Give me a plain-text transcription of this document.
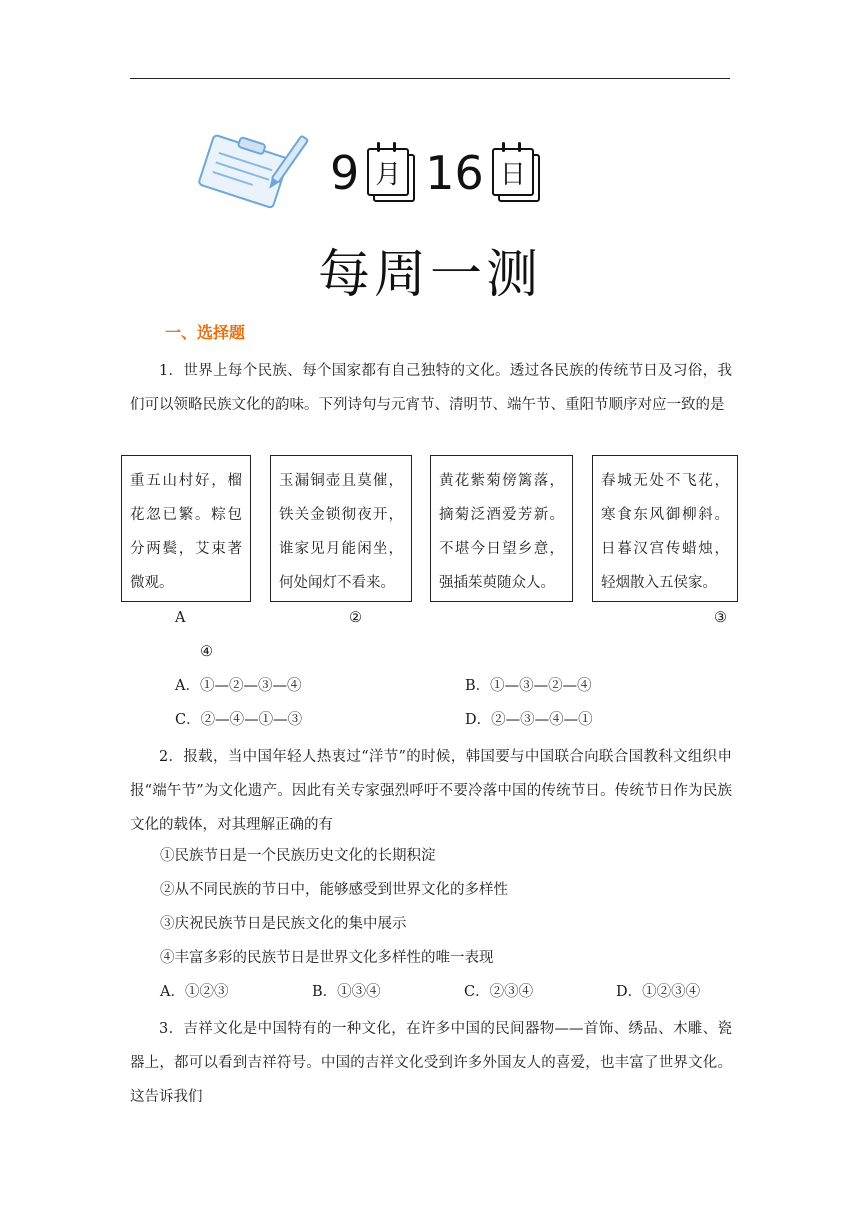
9 月 16 日
每周一测
一、选择题
1．世界上每个民族、每个国家都有自己独特的文化。透过各民族的传统节日及习俗，我们可以领略民族文化的韵味。下列诗句与元宵节、清明节、端午节、重阳节顺序对应一致的是
重五山村好，榴花忽已繁。粽包分两鬓，艾束著微观。
玉漏铜壶且莫催，铁关金锁彻夜开，谁家见月能闲坐，何处闻灯不看来。
黄花紫菊傍篱落，摘菊泛酒爱芳新。不堪今日望乡意，强插茱萸随众人。
春城无处不飞花，寒食东风御柳斜。日暮汉宫传蜡烛，轻烟散入五侯家。
A	②	③
④
A．①—②—③—④	B．①—③—②—④
C．②—④—①—③	D．②—③—④—①
2．报载，当中国年轻人热衷过“洋节”的时候，韩国要与中国联合向联合国教科文组织申报“端午节”为文化遗产。因此有关专家强烈呼吁不要冷落中国的传统节日。传统节日作为民族文化的载体，对其理解正确的有
①民族节日是一个民族历史文化的长期积淀
②从不同民族的节日中，能够感受到世界文化的多样性
③庆祝民族节日是民族文化的集中展示
④丰富多彩的民族节日是世界文化多样性的唯一表现
A．①②③	B．①③④	C．②③④	D．①②③④
3．吉祥文化是中国特有的一种文化，在许多中国的民间器物——首饰、绣品、木雕、瓷器上，都可以看到吉祥符号。中国的吉祥文化受到许多外国友人的喜爱，也丰富了世界文化。这告诉我们
